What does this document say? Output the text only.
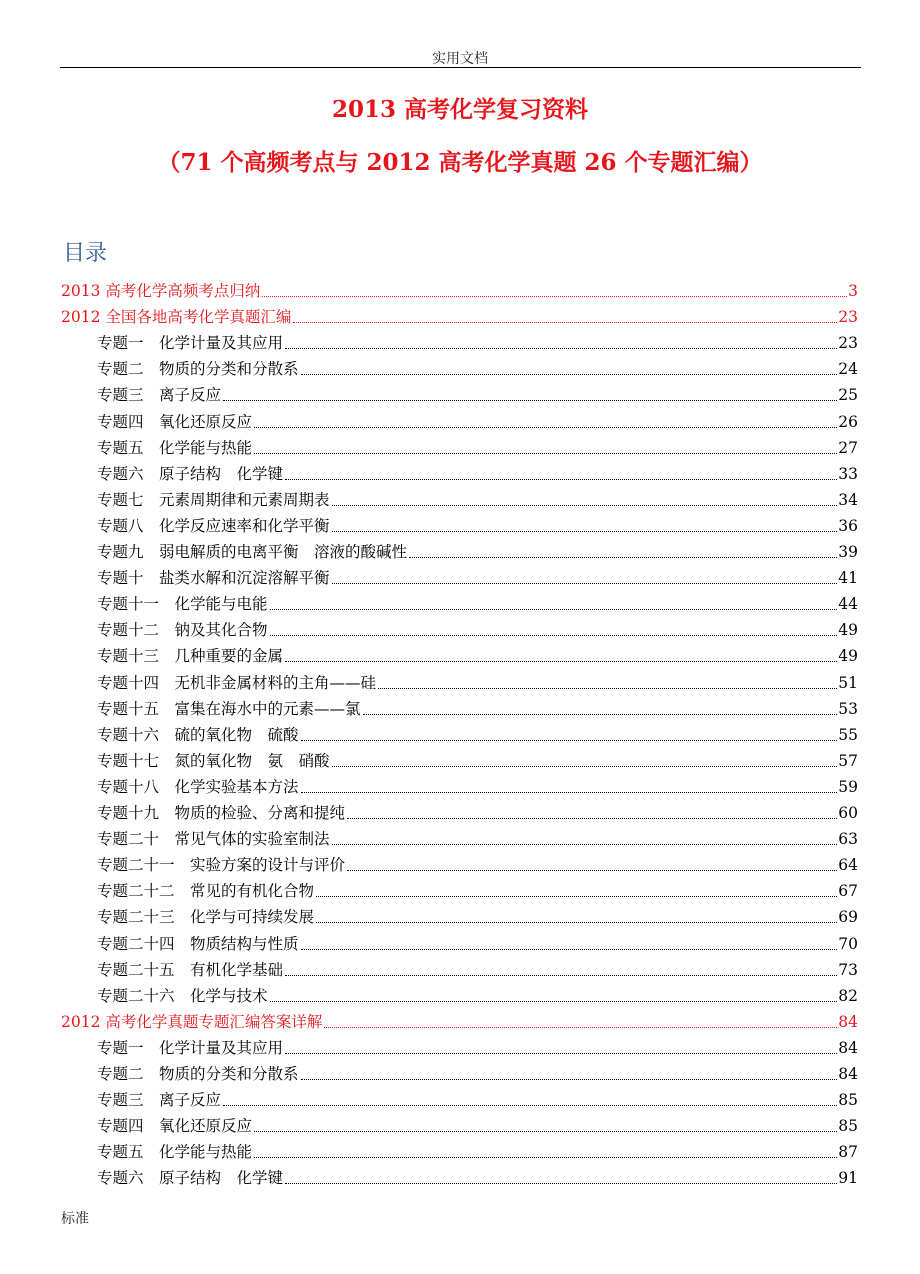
实用文档
2013 高考化学复习资料
（71 个高频考点与 2012 高考化学真题 26 个专题汇编）
目录
2013 高考化学高频考点归纳	3
2012 全国各地高考化学真题汇编	23
专题一　化学计量及其应用	23
专题二　物质的分类和分散系	24
专题三　离子反应	25
专题四　氧化还原反应	26
专题五　化学能与热能	27
专题六　原子结构　化学键	33
专题七　元素周期律和元素周期表	34
专题八　化学反应速率和化学平衡	36
专题九　弱电解质的电离平衡　溶液的酸碱性	39
专题十　盐类水解和沉淀溶解平衡	41
专题十一　化学能与电能	44
专题十二　钠及其化合物	49
专题十三　几种重要的金属	49
专题十四　无机非金属材料的主角——硅	51
专题十五　富集在海水中的元素——氯	53
专题十六　硫的氧化物　硫酸	55
专题十七　氮的氧化物　氨　硝酸	57
专题十八　化学实验基本方法	59
专题十九　物质的检验、分离和提纯	60
专题二十　常见气体的实验室制法	63
专题二十一　实验方案的设计与评价	64
专题二十二　常见的有机化合物	67
专题二十三　化学与可持续发展	69
专题二十四　物质结构与性质	70
专题二十五　有机化学基础	73
专题二十六　化学与技术	82
2012 高考化学真题专题汇编答案详解	84
专题一　化学计量及其应用	84
专题二　物质的分类和分散系	84
专题三　离子反应	85
专题四　氧化还原反应	85
专题五　化学能与热能	87
专题六　原子结构　化学键	91
标准
